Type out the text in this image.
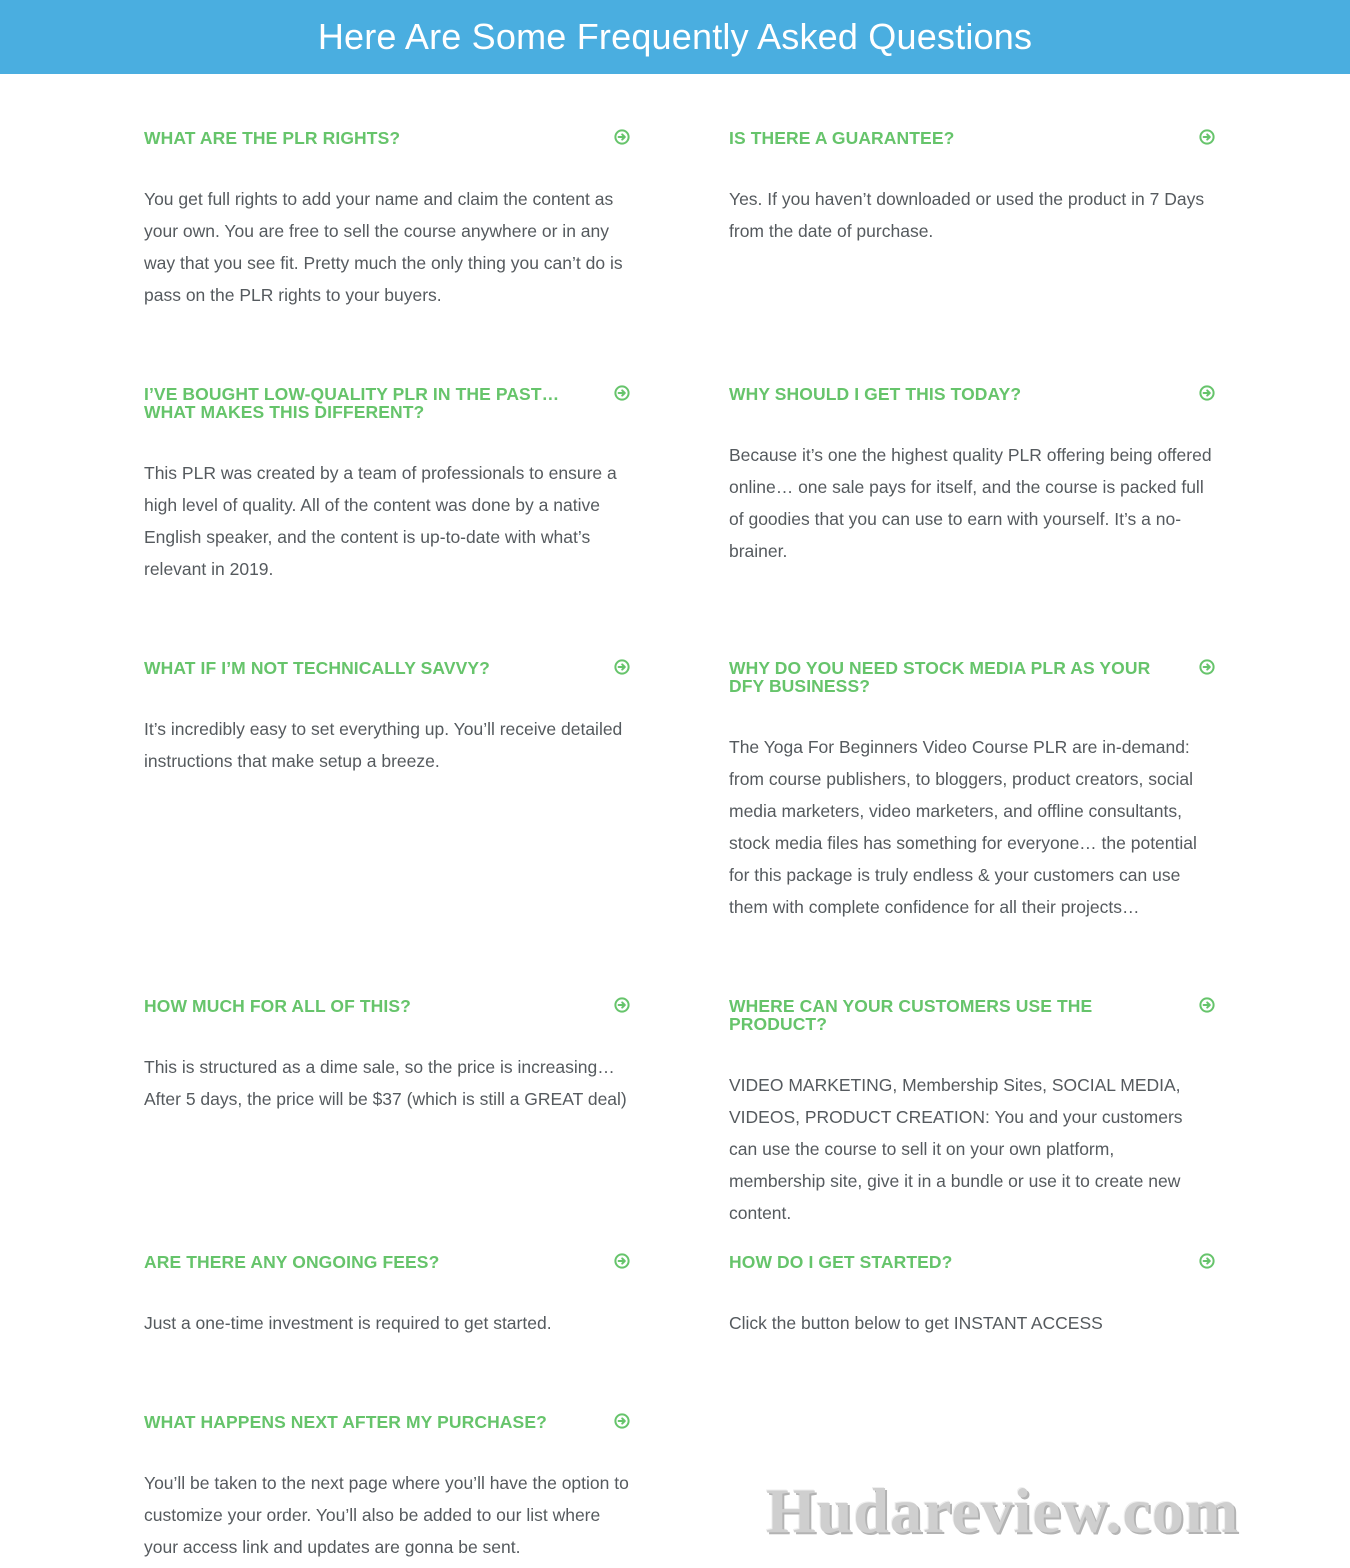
Here Are Some Frequently Asked Questions
WHAT ARE THE PLR RIGHTS?

You get full rights to add your name and claim the content as your own. You are free to sell the course anywhere or in any way that you see fit. Pretty much the only thing you can’t do is pass on the PLR rights to your buyers.

IS THERE A GUARANTEE?

Yes. If you haven’t downloaded or used the product in 7 Days from the date of purchase.

I’VE BOUGHT LOW-QUALITY PLR IN THE PAST… WHAT MAKES THIS DIFFERENT?

This PLR was created by a team of professionals to ensure a high level of quality. All of the content was done by a native English speaker, and the content is up-to-date with what’s relevant in 2019.

WHY SHOULD I GET THIS TODAY?

Because it’s one the highest quality PLR offering being offered online… one sale pays for itself, and the course is packed full of goodies that you can use to earn with yourself. It’s a no-brainer.

WHAT IF I’M NOT TECHNICALLY SAVVY?

It’s incredibly easy to set everything up. You’ll receive detailed instructions that make setup a breeze.

WHY DO YOU NEED STOCK MEDIA PLR AS YOUR DFY BUSINESS?

The Yoga For Beginners Video Course PLR are in-demand: from course publishers, to bloggers, product creators, social media marketers, video marketers, and offline consultants, stock media files has something for everyone… the potential for this package is truly endless & your customers can use them with complete confidence for all their projects…

HOW MUCH FOR ALL OF THIS?

This is structured as a dime sale, so the price is increasing… After 5 days, the price will be $37 (which is still a GREAT deal)

WHERE CAN YOUR CUSTOMERS USE THE PRODUCT?

VIDEO MARKETING, Membership Sites, SOCIAL MEDIA, VIDEOS, PRODUCT CREATION: You and your customers can use the course to sell it on your own platform, membership site, give it in a bundle or use it to create new content.

ARE THERE ANY ONGOING FEES?

Just a one-time investment is required to get started.

HOW DO I GET STARTED?

Click the button below to get INSTANT ACCESS

WHAT HAPPENS NEXT AFTER MY PURCHASE?

You’ll be taken to the next page where you’ll have the option to customize your order. You’ll also be added to our list where your access link and updates are gonna be sent.

Hudareview.com
